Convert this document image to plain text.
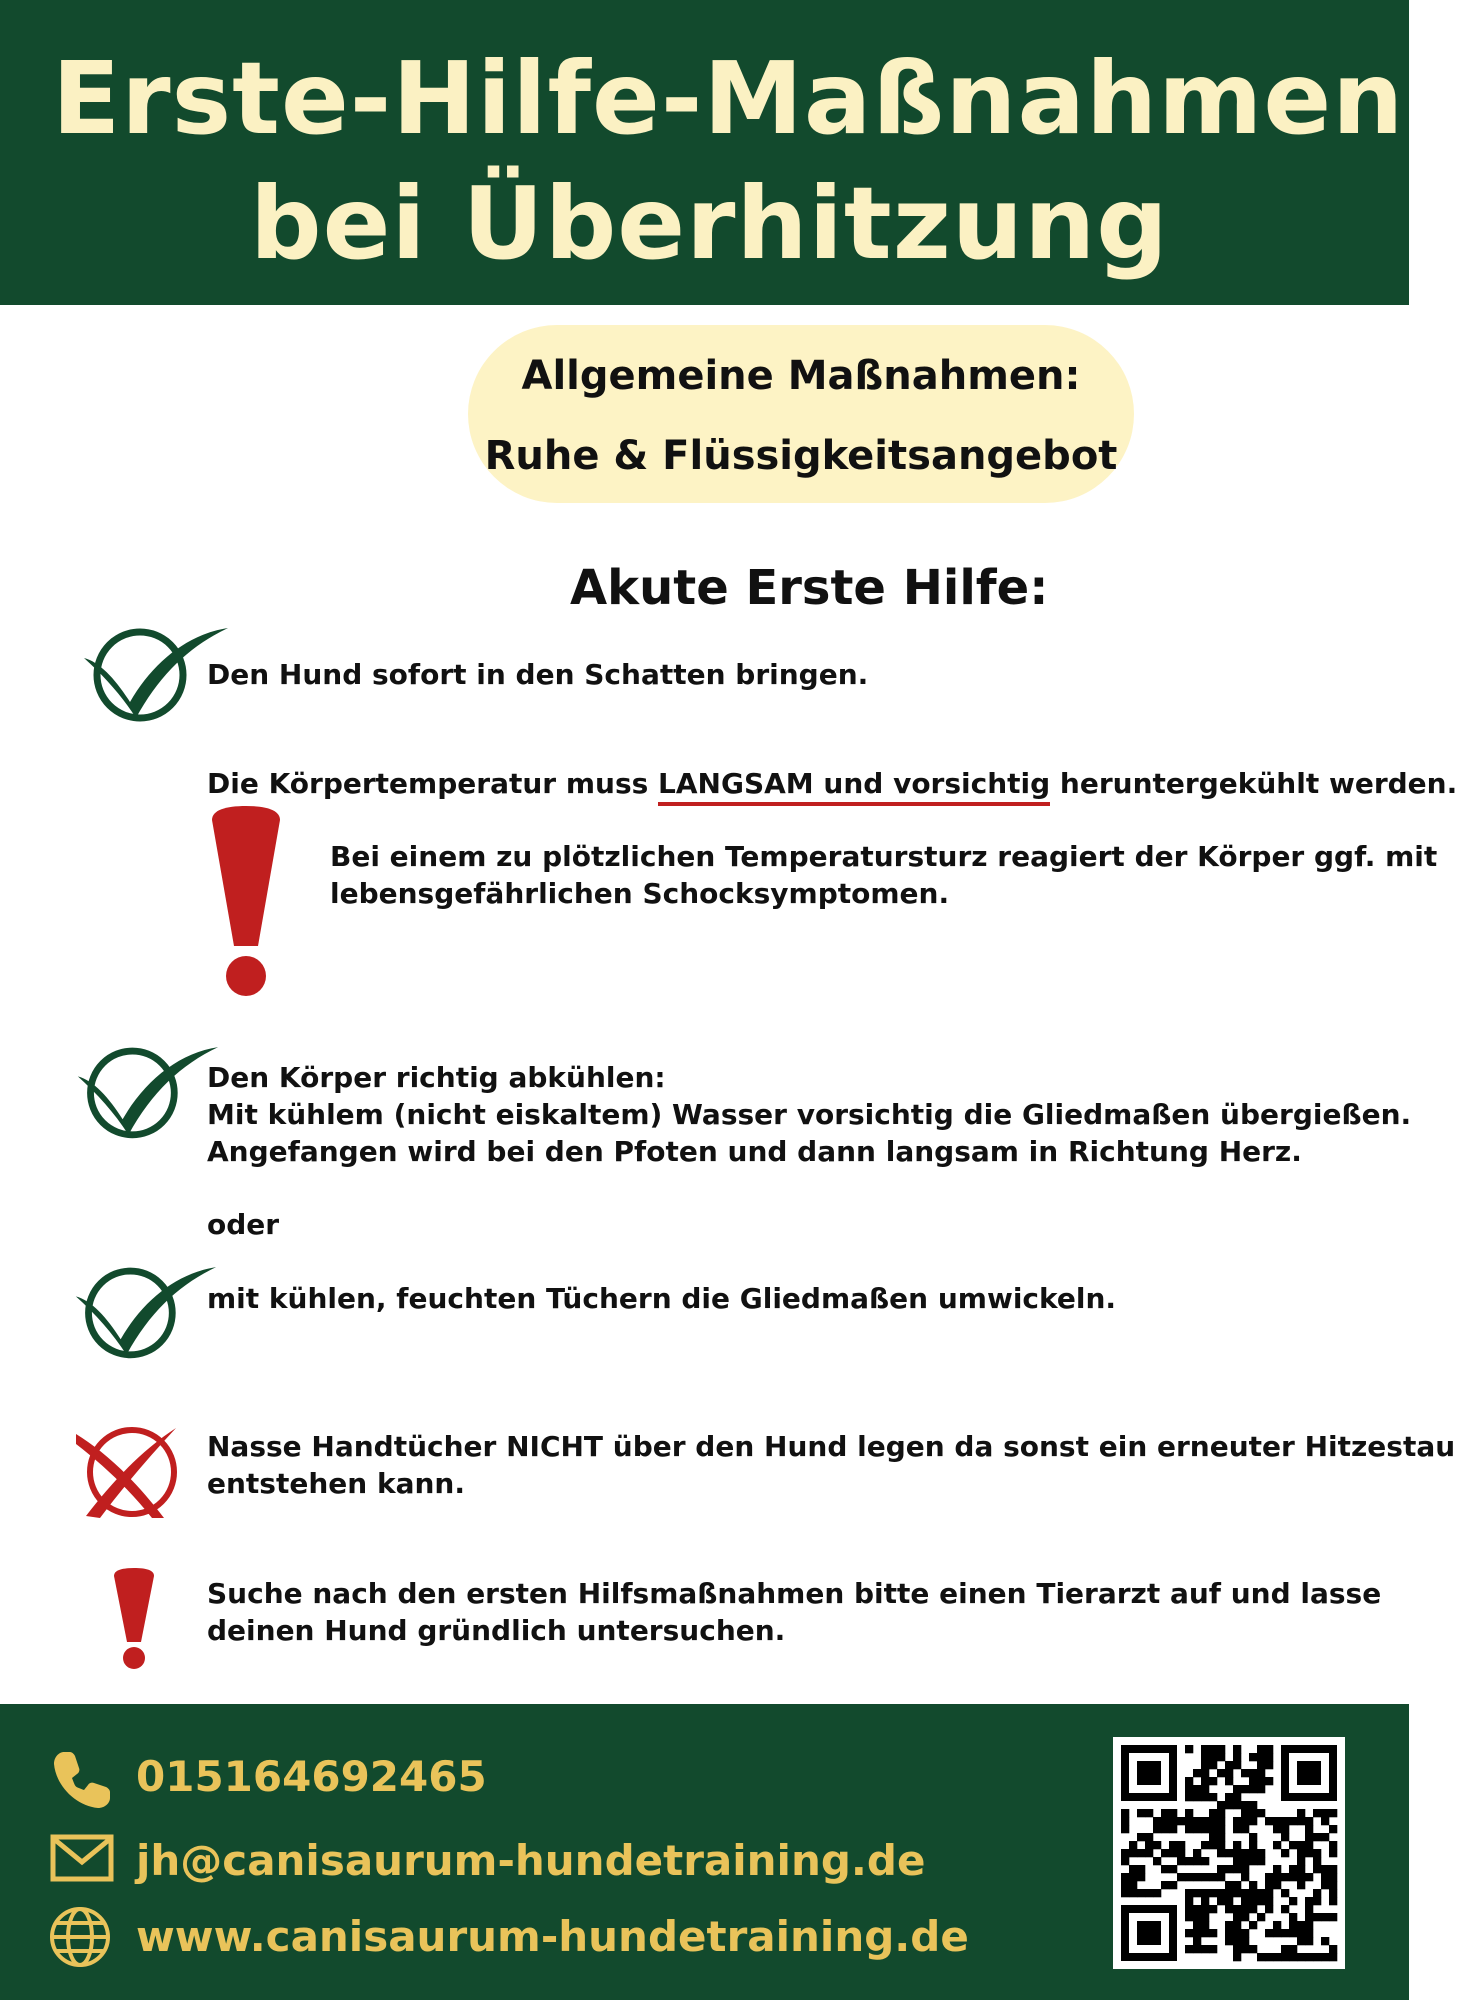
Erste-Hilfe-Maßnahmen
bei Überhitzung
Allgemeine Maßnahmen:
Ruhe & Flüssigkeitsangebot
Akute Erste Hilfe:
Den Hund sofort in den Schatten bringen.
Die Körpertemperatur muss LANGSAM und vorsichtig heruntergekühlt werden.
Bei einem zu plötzlichen Temperatursturz reagiert der Körper ggf. mit
lebensgefährlichen Schocksymptomen.
Den Körper richtig abkühlen:
Mit kühlem (nicht eiskaltem) Wasser vorsichtig die Gliedmaßen übergießen.
Angefangen wird bei den Pfoten und dann langsam in Richtung Herz.
oder
mit kühlen, feuchten Tüchern die Gliedmaßen umwickeln.
Nasse Handtücher NICHT über den Hund legen da sonst ein erneuter Hitzestau
entstehen kann.
Suche nach den ersten Hilfsmaßnahmen bitte einen Tierarzt auf und lasse
deinen Hund gründlich untersuchen.
015164692465
jh@canisaurum-hundetraining.de
www.canisaurum-hundetraining.de
